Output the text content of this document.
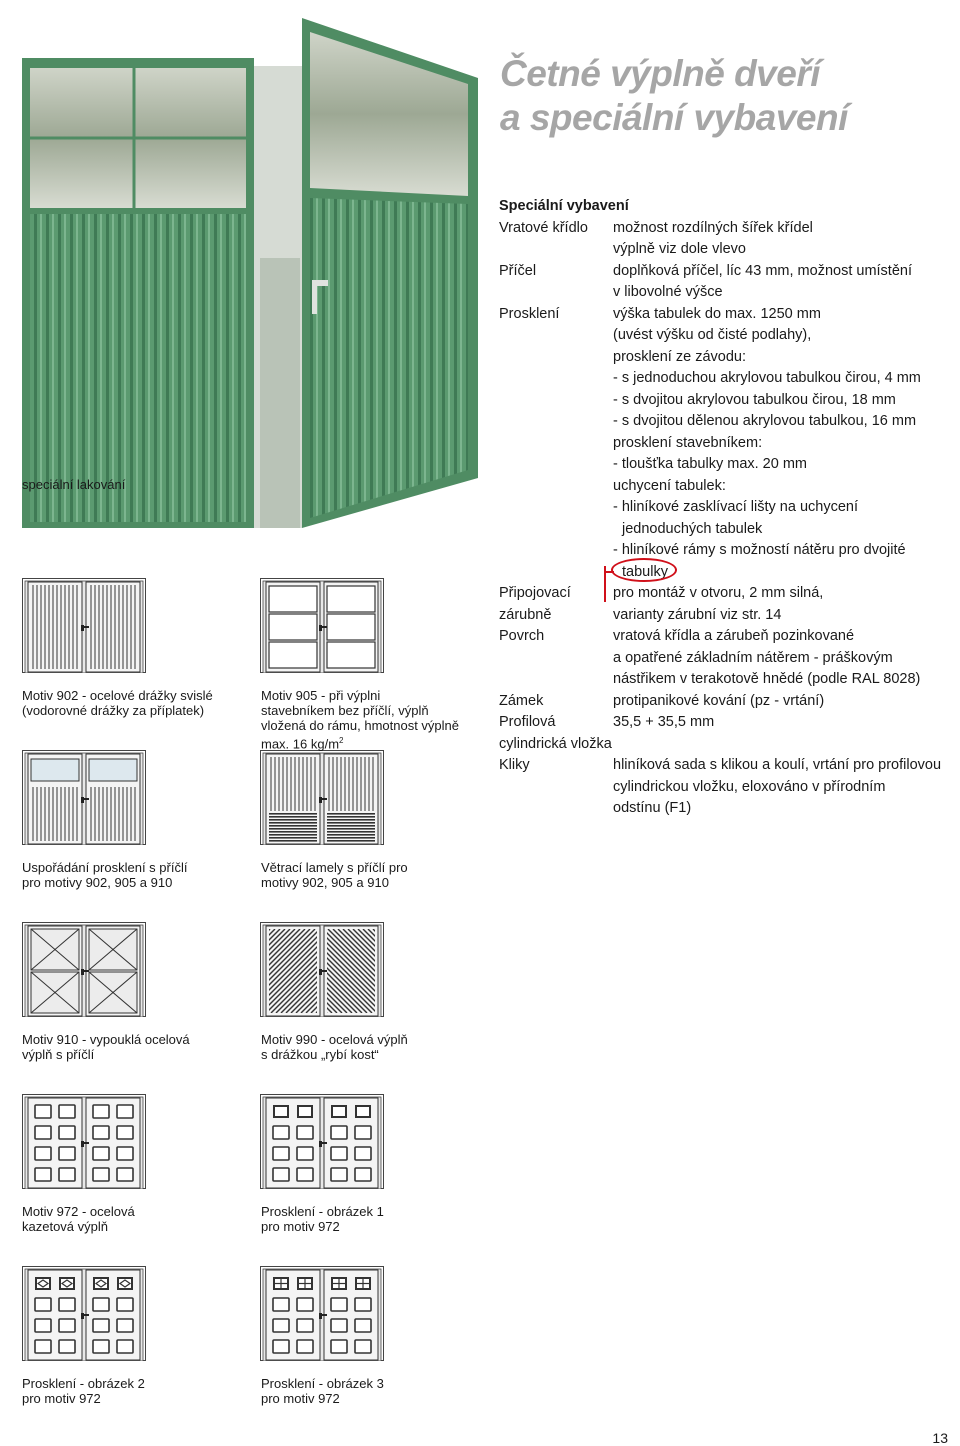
Četné výplně dveří
a speciální vybavení
speciální lakování
Speciální vybavení
Vratové křídlo	možnost rozdílných šířek křídel
výplně viz dole vlevo
Příčel	doplňková příčel, líc 43 mm, možnost umístění
v libovolné výšce
Prosklení	výška tabulek do max. 1250 mm
(uvést výšku od čisté podlahy),
prosklení ze závodu:
- s jednoduchou akrylovou tabulkou čirou, 4 mm
- s dvojitou akrylovou tabulkou čirou, 18 mm
- s dvojitou dělenou akrylovou tabulkou, 16 mm
prosklení stavebníkem:
- tloušťka tabulky max. 20 mm
uchycení tabulek:
- hliníkové zasklívací lišty na uchycení
jednoduchých tabulek
- hliníkové rámy s možností nátěru pro dvojité
tabulky
Připojovací	pro montáž v otvoru, 2 mm silná,
zárubně	varianty zárubní viz str. 14
Povrch	vratová křídla a zárubeň pozinkované
a opatřené základním nátěrem - práškovým
nástřikem v terakotově hnědé (podle RAL 8028)
Zámek	protipanikové kování (pz - vrtání)
Profilová	35,5 + 35,5 mm
cylindrická vložka
Kliky	hliníková sada s klikou a koulí, vrtání pro profilovou
cylindrickou vložku, eloxováno v přírodním
odstínu (F1)
Motiv 902 - ocelové drážky svislé
(vodorovné drážky za příplatek)
Motiv 905 - při výplni
stavebníkem bez příčlí, výplň
vložená do rámu, hmotnost výplně
max. 16 $kg/m^2$
Uspořádání prosklení s příčlí
pro motivy 902, 905 a 910
Větrací lamely s příčlí pro
motivy 902, 905 a 910
Motiv 910 - vypouklá ocelová
výplň s příčlí
Motiv 990 - ocelová výplň
s drážkou „rybí kost“
Motiv 972 - ocelová
kazetová výplň
Prosklení - obrázek 1
pro motiv 972
Prosklení - obrázek 2
pro motiv 972
Prosklení - obrázek 3
pro motiv 972
13
